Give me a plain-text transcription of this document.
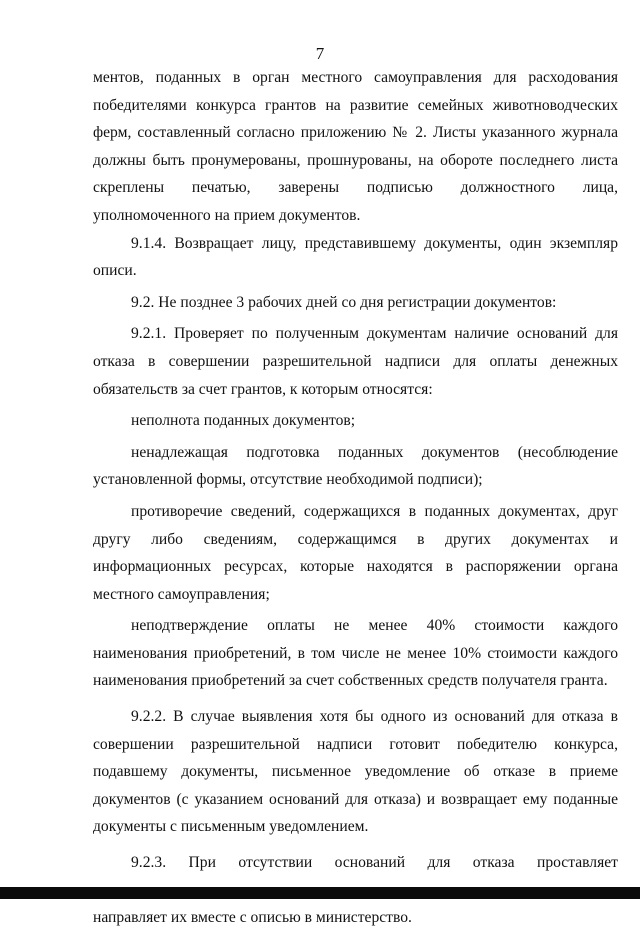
7

ментов, поданных в орган местного самоуправления для расходования победителями конкурса грантов на развитие семейных животноводческих ферм, составленный согласно приложению № 2. Листы указанного журнала должны быть пронумерованы, прошнурованы, на обороте последнего листа скреплены печатью, заверены подписью должностного лица, уполномоченного на прием документов.

9.1.4. Возвращает лицу, представившему документы, один экземпляр описи.

9.2. Не позднее 3 рабочих дней со дня регистрации документов:

9.2.1. Проверяет по полученным документам наличие оснований для отказа в совершении разрешительной надписи для оплаты денежных обязательств за счет грантов, к которым относятся:

неполнота поданных документов;

ненадлежащая подготовка поданных документов (несоблюдение установленной формы, отсутствие необходимой подписи);

противоречие сведений, содержащихся в поданных документах, друг другу либо сведениям, содержащимся в других документах и информационных ресурсах, которые находятся в распоряжении органа местного самоуправления;

неподтверждение оплаты не менее 40% стоимости каждого наименования приобретений, в том числе не менее 10% стоимости каждого наименования приобретений за счет собственных средств получателя гранта.

9.2.2. В случае выявления хотя бы одного из оснований для отказа в совершении разрешительной надписи готовит победителю конкурса, подавшему документы, письменное уведомление об отказе в приеме документов (с указанием оснований для отказа) и возвращает ему поданные документы с письменным уведомлением.

9.2.3. При отсутствии оснований для отказа проставляет направляет их вместе с описью в министерство.
